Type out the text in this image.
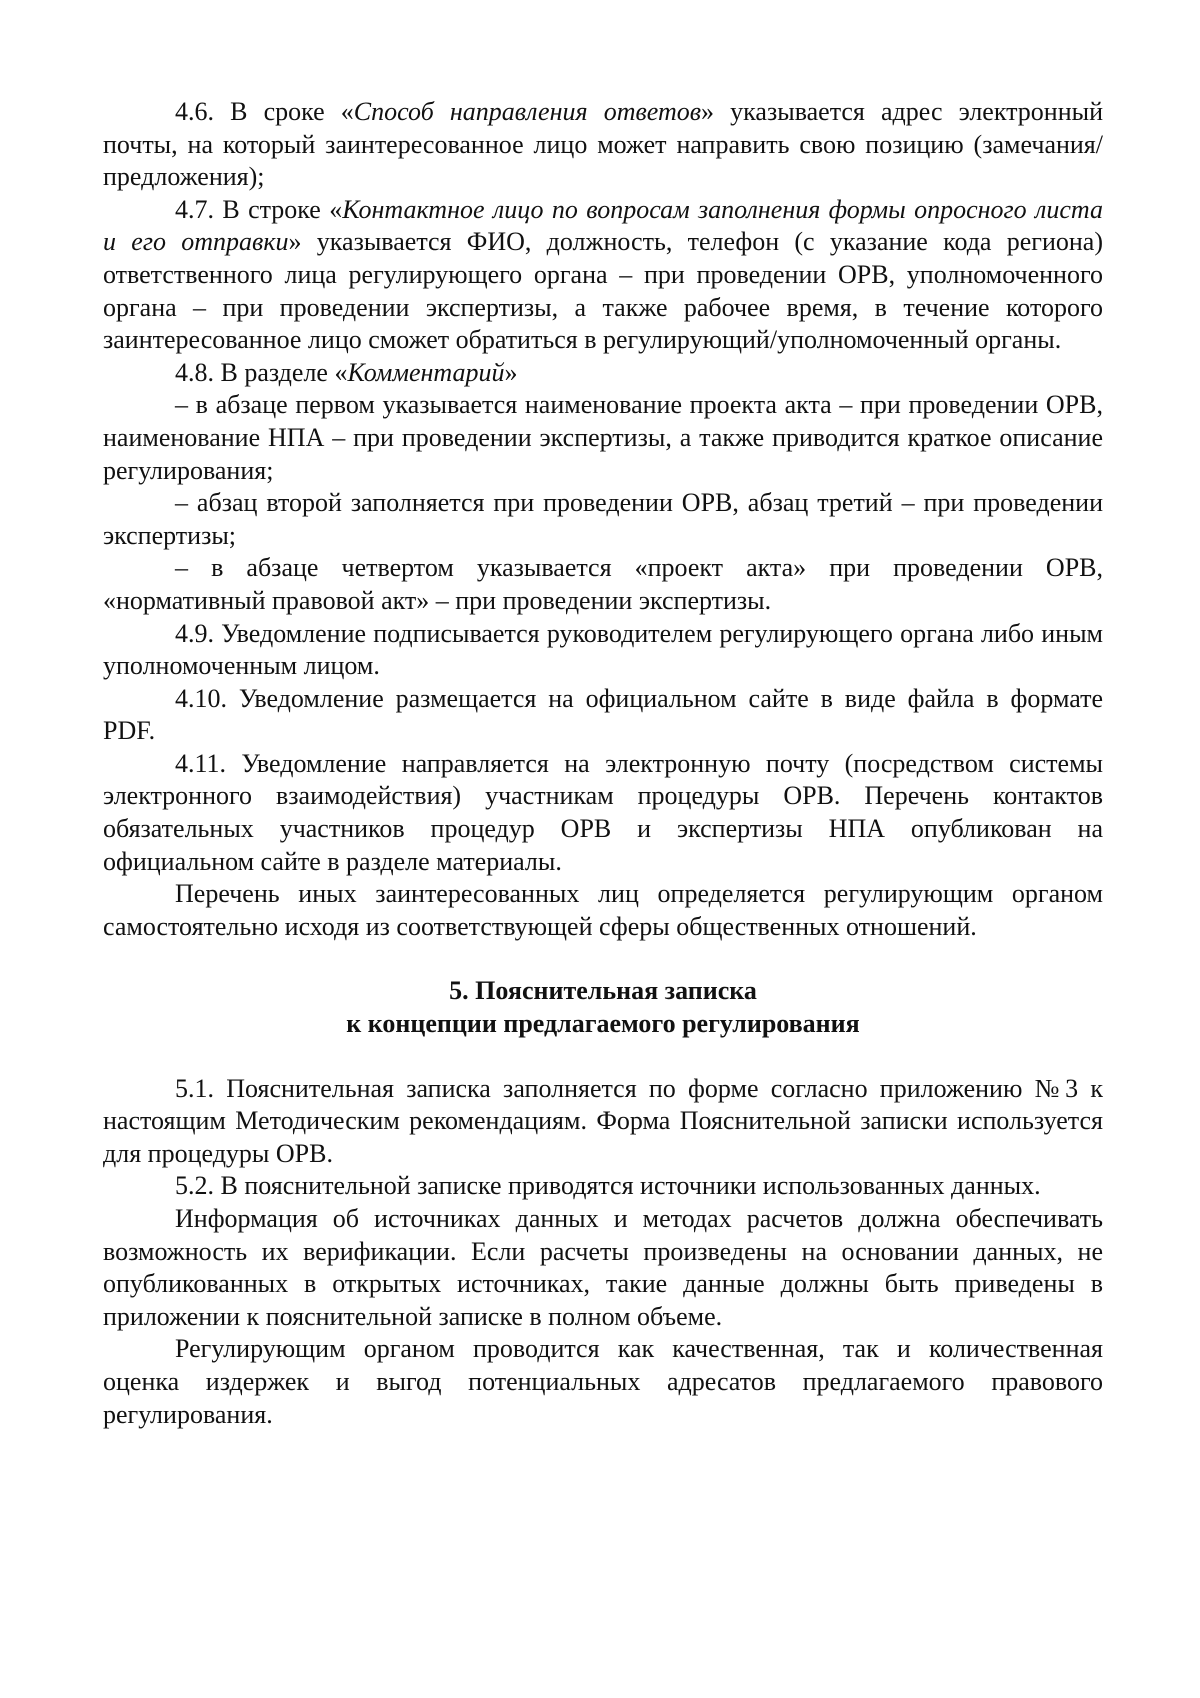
4.6. В сроке «Способ направления ответов» указывается адрес электронный почты, на который заинтересованное лицо может направить свою позицию (замечания/предложения);

4.7. В строке «Контактное лицо по вопросам заполнения формы опросного листа и его отправки» указывается ФИО, должность, телефон (с указание кода региона) ответственного лица регулирующего органа – при проведении ОРВ, уполномоченного органа – при проведении экспертизы, а также рабочее время, в течение которого заинтересованное лицо сможет обратиться в регулирующий/уполномоченный органы.

4.8. В разделе «Комментарий»

– в абзаце первом указывается наименование проекта акта – при проведении ОРВ, наименование НПА – при проведении экспертизы, а также приводится краткое описание регулирования;

– абзац второй заполняется при проведении ОРВ, абзац третий – при проведении экспертизы;

– в абзаце четвертом указывается «проект акта» при проведении ОРВ, «нормативный правовой акт» – при проведении экспертизы.

4.9. Уведомление подписывается руководителем регулирующего органа либо иным уполномоченным лицом.

4.10. Уведомление размещается на официальном сайте в виде файла в формате PDF.

4.11. Уведомление направляется на электронную почту (посредством системы электронного взаимодействия) участникам процедуры ОРВ. Перечень контактов обязательных участников процедур ОРВ и экспертизы НПА опубликован на официальном сайте в разделе материалы.

Перечень иных заинтересованных лиц определяется регулирующим органом самостоятельно исходя из соответствующей сферы общественных отношений.

5. Пояснительная записка
к концепции предлагаемого регулирования

5.1. Пояснительная записка заполняется по форме согласно приложению №3 к настоящим Методическим рекомендациям. Форма Пояснительной записки используется для процедуры ОРВ.

5.2. В пояснительной записке приводятся источники использованных данных.

Информация об источниках данных и методах расчетов должна обеспечивать возможность их верификации. Если расчеты произведены на основании данных, не опубликованных в открытых источниках, такие данные должны быть приведены в приложении к пояснительной записке в полном объеме.

Регулирующим органом проводится как качественная, так и количественная оценка издержек и выгод потенциальных адресатов предлагаемого правового регулирования.
